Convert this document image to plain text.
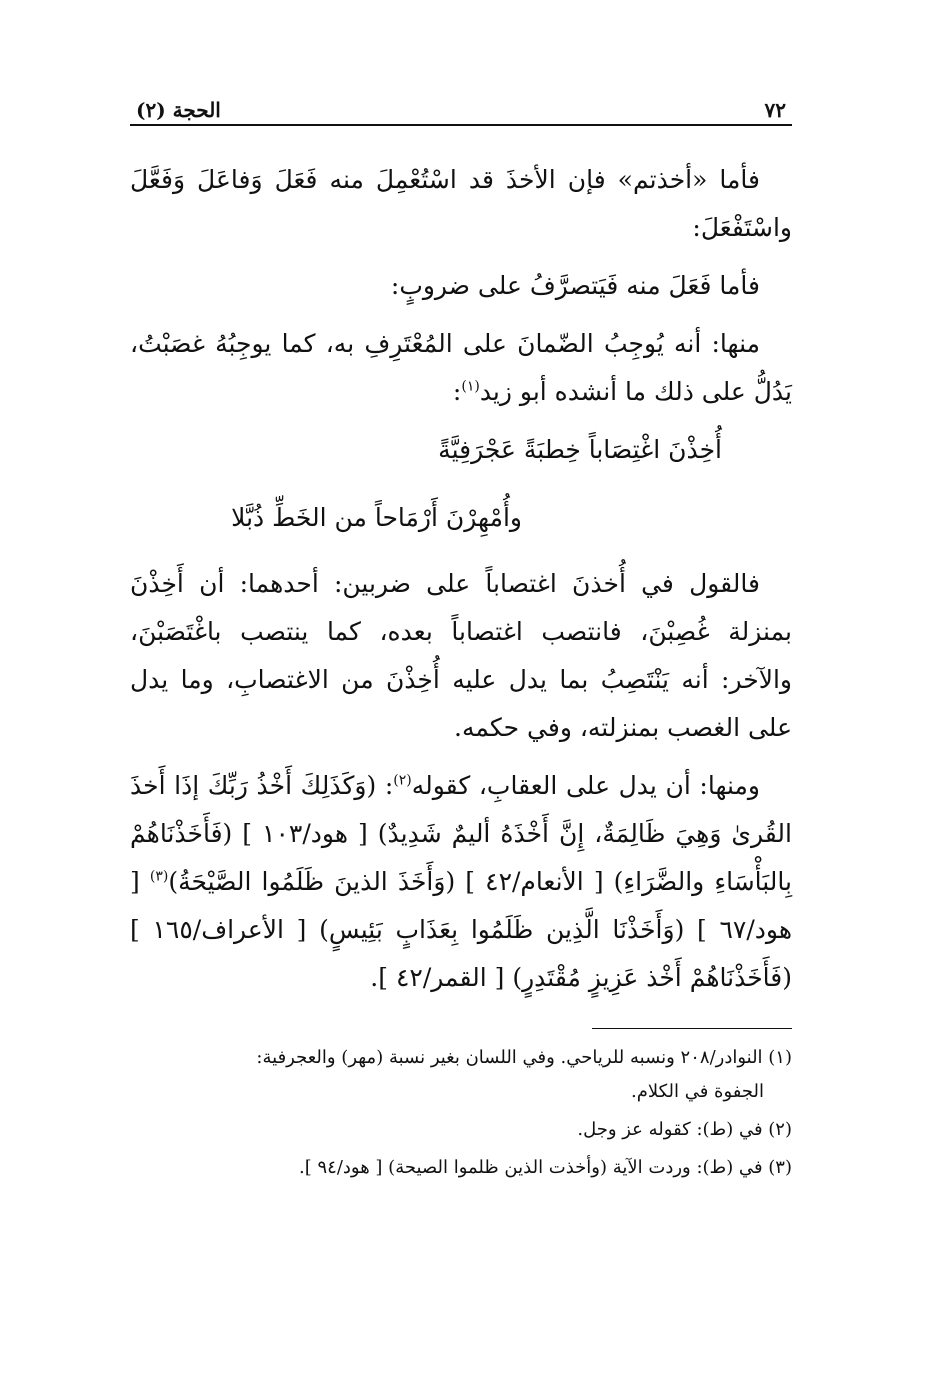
٧٢
الحجة (٢)

فأما «أخذتم» فإن الأخذَ قد اسْتُعْمِلَ منه فَعَلَ وَفاعَلَ وَفَعَّلَ واسْتَفْعَلَ:

فأما فَعَلَ منه فَيَتصرَّفُ على ضروبٍ:

منها: أنه يُوجِبُ الضّمانَ على المُعْتَرِفِ به، كما يوجِبُهُ غصَبْتُ، يَدُلُّ على ذلك ما أنشده أبو زيد$^{(١)}$:

أُخِذْنَ اغْتِصَاباً خِطبَةً عَجْرَفِيَّةً
وأُمْهِرْنَ أَرْمَاحاً من الخَطِّ ذُبَّلا

فالقول في أُخذنَ اغتصاباً على ضربين: أحدهما: أن أَخِذْنَ بمنزلة غُصِبْنَ، فانتصب اغتصاباً بعده، كما ينتصب باغْتَصَبْنَ، والآخر: أنه يَنْتَصِبُ بما يدل عليه أُخِذْنَ من الاغتصابِ، وما يدل على الغصب بمنزلته، وفي حكمه.

ومنها: أن يدل على العقابِ، كقوله$^{(٢)}$: (وَكَذَلِكَ أَخْذُ رَبِّكَ إذَا أَخذَ القُرىٰ وَهِيَ ظَالِمَةٌ، إِنَّ أَخْذَهُ أليمٌ شَدِيدٌ) [ هود/١٠٣ ] (فَأَخَذْنَاهُمْ بِالبَأْسَاءِ والضَّرَاءِ) [ الأنعام/٤٢ ] (وَأَخَذَ الذينَ ظَلَمُوا الصَّيْحَةُ)$^{(٣)}$ [ هود/٦٧ ] (وَأَخَذْنَا الَّذِين ظَلَمُوا بِعَذَابٍ بَئِيسٍ) [ الأعراف/١٦٥ ] (فَأَخَذْنَاهُمْ أَخْذ عَزِيزٍ مُقْتَدِرٍ) [ القمر/٤٢ ].

(١) النوادر/٢٠٨ ونسبه للرياحي. وفي اللسان بغير نسبة (مهر) والعجرفية:
الجفوة في الكلام.

(٢) في (ط): كقوله عز وجل.

(٣) في (ط): وردت الآية (وأخذت الذين ظلموا الصيحة) [ هود/٩٤ ].
